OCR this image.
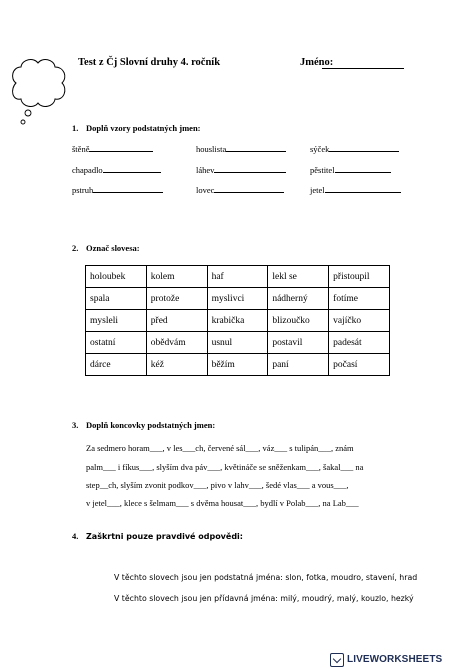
Test z Čj Slovní druhy 4. ročník	Jméno:
1. Doplň vzory podstatných jmen:
štěně	houslista	sýček
chapadlo	láhev	pěstitel
pstruh	lovec	jetel
2. Označ slovesa:
holoubek	kolem	haf	lekl se	přistoupil
spala	protože	myslivci	nádherný	fotíme
mysleli	před	krabička	blizoučko	vajíčko
ostatní	obědvám	usnul	postavil	padesát
dárce	kéž	běžím	paní	počasí
3. Doplň koncovky podstatných jmen:
Za sedmero horam___, v les___ch, červené sál___, váz___ s tulipán___, znám
palm___ i fíkus___, slyším dva páv___, květináče se sněženkam___, šakal___ na
step__ch, slyším zvonit podkov___, pivo v lahv___, šedé vlas___ a vous___,
v jetel___, klece s šelmam___ s dvěma housat___, bydlí v Polab___, na Lab___
4. Zaškrtni pouze pravdivé odpovědi:
V těchto slovech jsou jen podstatná jména: slon, fotka, moudro, stavení, hrad
V těchto slovech jsou jen přídavná jména: milý, moudrý, malý, kouzlo, hezký
LIVEWORKSHEETS
